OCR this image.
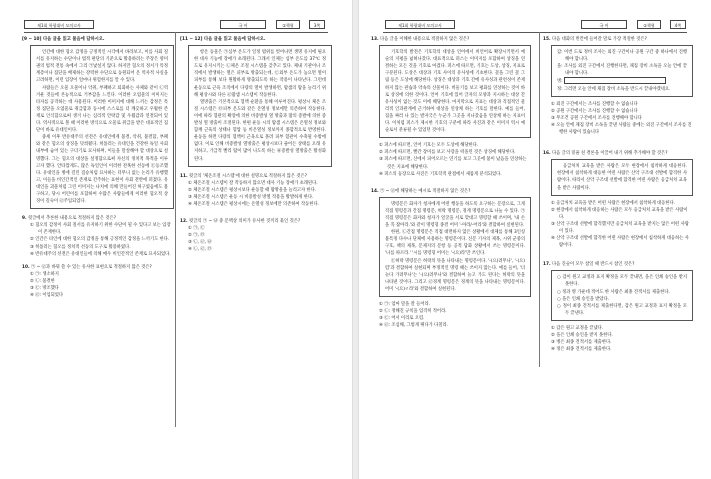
제1회 학평대비 모의고사	국 어	①책형	3쪽
[9 ~ 10] 다음 글을 읽고 물음에 답하시오.

인간에 대한 혐오 감정을 긍정적인 시각에서 바라보고, 이를 사회 질서를 유지하는 수단이나 법적 판단의 기준으로 활용하려는 주장은 영미권의 법적 전통 속에서 그리 ㉠낯설지 않다. 하지만 혐오의 정서가 특정 계층이나 집단을 배제하는 강력한 수단으로 동원되어 온 역사적 사실을 고려하면, 이런 입장이 얼마나 위험한지를 알 수 있다.

사람들은 오물 오물이나 악취, 부패하고 퇴화하는 사체와 같이 ㉡역겨운 것들에 본능적으로 거부감을 느낀다. 이러한 오염물의 이미지는 타자를 공격하는 데 사용된다. 이러한 이미지에 대해 느끼는 감정은 특정 집단을 오염물로 취급함과 동시에 스스로를 더 깨끗하고 우월한 존재로 인식함으로써 생겨 나는 심리적 안락감 및 우월감과 연결되어 있다. 역사적으로 볼 때 이러한 방식으로 오물로 취급을 받은 대표적인 집단이 바로 유대인이다.

중세 이후 반유대주의 선전은 유대인에게 불결, 악취, 불결함, 부패와 같은 혐오의 상징을 덧씌웠다. 히틀러는 유대인을 건강한 독일 사회 내부에 숨어 있는 구더기로 묘사하며, 이들을 말살해야 할 대상으로 설명했다. 그는 혐오의 대상을 설정함으로써 자신의 정치적 목적을 이루고자 했다. 안타깝게도, 많은 독일인이 이러한 잔혹한 선동에 ㉢동조했다. 유대인을 병에 걸린 짐승처럼 묘사하는 터무니 없는 논리가 유행했고, 이들을 비인간적인 존재로 간주하는 표현이 사회 전반에 퍼졌다. 유대인을 괴물처럼 그린 이미지는 나치에 의해 만들어진 허구였음에도 불구하고, 당시 어린이를 포함하여 수많은 사람들에게 이러한 혐오적 상징이 깊숙이 ㉣주입되었다.

9. 윗글에서 추론한 내용으로 적절하지 않은 것은?
① 혐오의 감정이 사회 질서를 유지하기 위한 수단이 될 수 있다고 보는 입장이 존재한다.
② 인간은 타인에 대한 혐오의 감정을 통해 긍정적인 감정을 느끼기도 한다.
③ 히틀러는 혐오를 정치적 선동의 도구로 활용하였다.
④ 반유대주의 선전은 유대인들에 의해 매우 비인간적인 존재로 묘사되었다.
10. ㉠ ~ ㉣과 바꿔 쓸 수 있는 유사한 표현으로 적절하지 않은 것은?
① ㉠: 생소하지
② ㉡: 불결한
③ ㉢: 방조했다
④ ㉣: 이입되었다
[11 ~ 12] 다음 글을 읽고 물음에 답하시오.

항온 동물은 ㉠심부 온도가 일정 범위를 벗어나면 생명 유지에 필요한 대사 기능에 장애가 초래된다. 그래서 인체는 심부 온도를 37℃ 정도로 유지시키는 ㉡체온 조절 시스템을 갖추고 있다. 체내 기관이나 조직에서 발생하는 열은 피부로 방출되는데, ㉢외부 온도가 높으면 열이 피부를 통해 보다 원활하게 방출되도록 하는 작용이 나타난다. 그런데 운동으로 근육 조직에서 다량의 열이 발생하면, 땀샘의 땀을 늘리기 위해 평상시와 다른 ㉣땀샘 시스템이 작동한다.

열방출은 기본적으로 혈액 순환을 통해 이루어진다. 평상시 체온 조절 시스템은 ㉤피부 온도와 같은 온열성 정보에만 의존하여 작동한다. 이에 따라 혈관의 확장에 의한 비증발성 열 방출과 땀의 증발에 의한 증발성 열 방출이 조절된다. 한편 운동 시의 땀샘 시스템은 온열성 정보와 함께 근육의 상태나 혈압 등 비온열성 정보까지 종합적으로 반영한다. 운동을 하면 다량의 혈액이 근육으로 몰려 피부 혈관이 수축될 수밖에 없다. 이로 인해 비증발성 열방출은 평상시보다 줄어든 상태를 오래 유지하고, 가급적 빨리 땀이 많이 나도록 하는 ㉥증발성 열방출은 활성화된다.

11. 윗글의 '체온조절 시스템'에 대한 설명으로 적절하지 않은 것은?
① 체온조절 시스템이 잘 작동하지 않으면 대사 기능 장애가 초래된다.
② 체온조절 시스템은 평상시보다 운동할 때 땀방울을 늘리고자 한다.
③ 체온조절 시스템은 운동 시 비증발성 방열 작용을 활발하게 한다.
④ 체온조절 시스템은 평상시에는 온열성 정보에만 의존하여 작동한다.
12. 윗글의 ㉠ ~ ㉥ 중 문맥상 의미가 유사한 것끼리 묶인 것은?
① ㉠, ㉢
② ㉠, ㉤
③ ㉡, ㉣, ㉥
④ ㉡, ㉣, ㉤
제1회 학평대비 모의고사	국 어	①책형	4쪽
13. 다음 글을 이해한 내용으로 적절하지 않은 것은?

기호학의 발전은 기호학의 대상을 언어에서 비언어로 확장시키면서 예술의 지평을 넓혀나갔다. 대표적으로 퍼스는 이미지를 포함하여 상징을 연결하는 모든 것을 기호로 여겼다. 퍼스에 따르면, 기호는 도상, 상징, 지표로 구분된다. 도상은 대상과 기호 사이의 유사성에 기초한다. 꽃을 그린 꽃 그림 등은 도상에 해당한다. 상징은 대상과 기호 간에 유사성과 관련성이 존재하지 않는 관습과 약속의 산물이다. 비둘기를 보고 평화를 연상하는 것이 바로 상징에 의한 것이다. 언어 기호에 있어 글자의 모양과 지시하는 대상 간 유사성이 없는 것도 이에 해당한다. 마지막으로 지표는 대상과 직접적인 물리적 인과관계에 근거하여 대상을 연상케 하는 기호를 말한다. 예를 들어, 집을 짜러 나 있는 발자국은 누군가 그곳을 지나갔음을 연상케 하는 지표이다. 이처럼 퍼스가 제시한 기호의 구분에 따라 사진과 같은 이미지 역시 예술로서 분류될 수 있었던 것이다.

① 퍼스에 따르면, 언어 기호는 모두 도상에 해당한다.
② 퍼스에 따르면, 빨간 장미를 보고 사랑을 떠올린 것은 상징에 해당한다.
③ 퍼스에 따르면, 산에서 피어오르는 연기를 보고 그곳에 불이 났음을 연상하는 것은 지표에 해당한다.
④ 퍼스의 등장으로 사진은 기호학적 관점에서 새롭게 분석되었다.
14. ㉠ ~ ㉣에 해당하는 예시로 적절하지 않은 것은?

명령문은 화자가 청자에게 어떤 행동을 하도록 요구하는 문장으로, 그게 직접 명령문과 간접 명령문, 허락 명령문, 경계 명령문으로 나눌 수 있다. ㉠직접 명령문은 화자와 청자가 얼굴을 서로 맞대고 명령할 때 쓰이며, '내 손을 꼭 잡아라.'와 같이 명령형 종결 어미 '-아라/-어라'와 결합하여 실현된다.

한편, ㉡간접 명령문은 직접 대면하지 않은 상황에서 대체를 통해 3인칭 불특정 다수나 단체에 사용하는 명령문이다. 신문 기사의 제목, 시위 군중의 구호, 책의 제목, 문제지의 문항 등 공적 담화 상황에서 쓰는 명령문이다. '나를 따르라.' '시를 명령형 어미는 '-(으)라'만 쓰인다.

㉢허락 명령문은 허락의 뜻을 나타내는 명령문이다. '-(으)려무나', '-(으)렴'과 결합하여 실현되며 부정적인 명령 때는 쓰이지 않는다. 예를 들어, '더 놀다 가려무나'는 '-(으)려무나'와 결합하여 놀고 가도 된다는 허락의 뜻을 나타낸 것이다. 그리고 ㉣경계 명령문은 경계의 뜻을 나타내는 명령문이다. 어미 '-(으)ㄹ라'와 결합하여 실현된다.

① ㉠: 엄마 말을 잘 들어라.
② ㉡: 정해진 규칙을 엄격히 적어라.
③ ㉢: 어서 이리로 오렴.
④ ㉣: 조심해, 그렇게 뛰다가 다칠라.
15. 다음 대화의 빈칸에 들어갈 말로 가장 적절한 것은?
갑: 이번 도로 정비 조사는 외진 구간이나 공원 구간 중 하나에서 진행해야 합니다.
을: 조사를 외진 구간에서 진행한다면, 채집 장비 소독을 오늘 안에 끝내야 합니다.
병:
정: 그러면 오늘 안에 채집 장비 소독을 반드시 끝내야겠네요.
① 외진 구간에서는 조사를 진행할 수 없습니다
② 공원 구간에서는 조사를 진행할 수 없습니다
③ 무조건 공원 구간에서 조사를 진행해야 합니다
④ 오늘 안에 채집 장비 소독을 끝낸 사람들 중에는 외진 구간에서 조사를 진행한 사람이 있습니다
16. 다음 글의 밑줄 친 결론을 이끌어 내기 위해 추가해야 할 것은?

응급처치 교육을 받은 사람은 모두 현장에서 침착하게 대응한다. 현장에서 침착하게 대응한 어떤 사람은 산악 구조대 선발에 합격한 사람이다. 따라서 산악 구조대 선발에 합격한 어떤 사람은 응급처치 교육을 받은 사람이다.

① 응급처치 교육을 받은 어떤 사람은 현장에서 침착하게 대응한다.
② 현장에서 침착하게 대응하는 사람은 모두 응급처치 교육을 받은 사람이다.
③ 산악 구조대 선발에 합격했지만 응급처치 교육을 받지는 않은 어떤 사람이 있다.
④ 산악 구조대 선발에 합격한 어떤 사람은 현장에서 침착하게 대응하는 사람이다.
17. 다음 진술이 모두 참일 때 반드시 참인 것은?
○ 갑이 원고 교정과 표지 확정을 모두 끝내면, 을은 인쇄 승인을 받지 못한다.
○ 정과 병 가운데 적어도 한 사람은 최종 견적서를 제출한다.
○ 을은 인쇄 승인을 받았다.
○ 정이 최종 견적서를 제출한다면, 갑은 원고 교정과 표지 확정을 모두 끝낸다.
① 갑은 원고 교정을 끝냈다.
② 을은 인쇄 승인을 받지 못한다.
③ 병은 최종 견적서를 제출한다.
④ 정은 최종 견적서를 제출한다.
